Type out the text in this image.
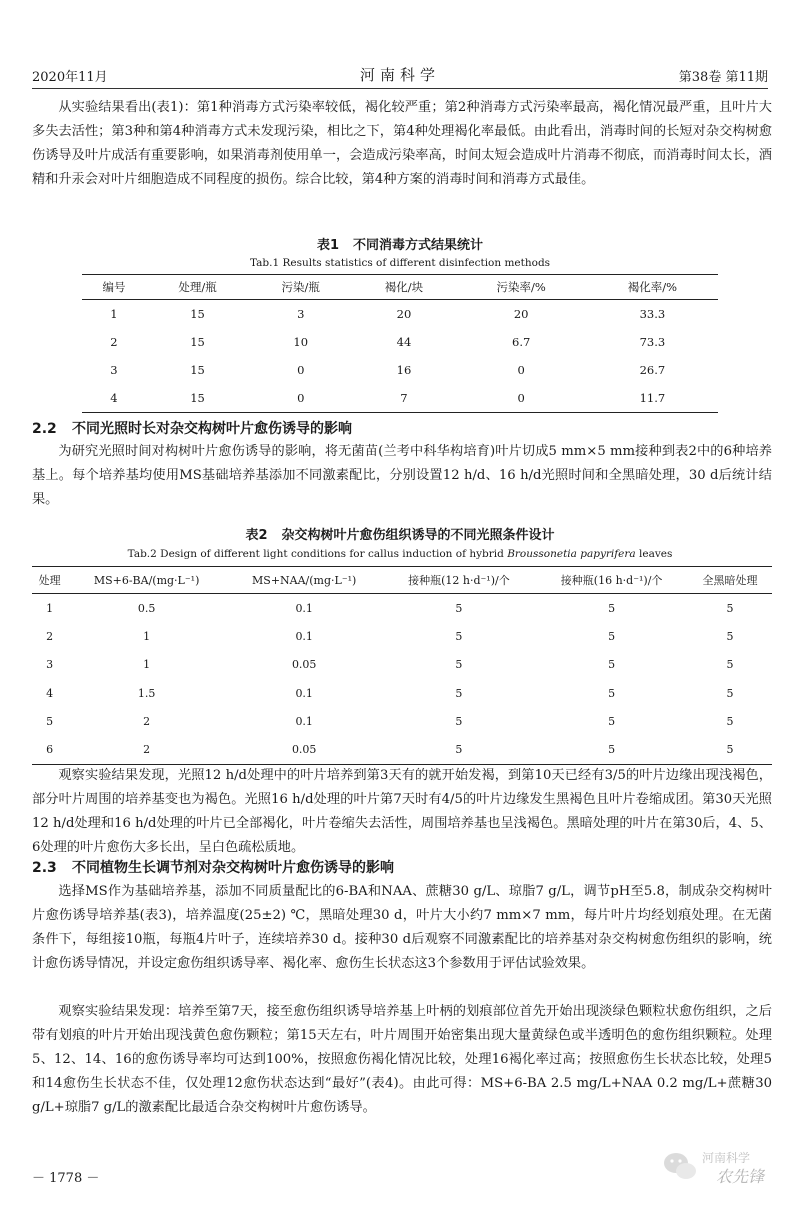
2020年11月	河南科学	第38卷 第11期

从实验结果看出(表1)：第1种消毒方式污染率较低，褐化较严重；第2种消毒方式污染率最高，褐化情况最严重，且叶片大多失去活性；第3种和第4种消毒方式未发现污染，相比之下，第4种处理褐化率最低。由此看出，消毒时间的长短对杂交构树愈伤诱导及叶片成活有重要影响，如果消毒剂使用单一，会造成污染率高，时间太短会造成叶片消毒不彻底，而消毒时间太长，酒精和升汞会对叶片细胞造成不同程度的损伤。综合比较，第4种方案的消毒时间和消毒方式最佳。

表1 不同消毒方式结果统计
Tab.1 Results statistics of different disinfection methods
编号	处理/瓶	污染/瓶	褐化/块	污染率/%	褐化率/%
1	15	3	20	20	33.3
2	15	10	44	6.7	73.3
3	15	0	16	0	26.7
4	15	0	7	0	11.7
2.2 不同光照时长对杂交构树叶片愈伤诱导的影响

为研究光照时间对构树叶片愈伤诱导的影响，将无菌苗(兰考中科华构培育)叶片切成5 mm×5 mm接种到表2中的6种培养基上。每个培养基均使用MS基础培养基添加不同激素配比，分别设置12 h/d、16 h/d光照时间和全黑暗处理，30 d后统计结果。

表2 杂交构树叶片愈伤组织诱导的不同光照条件设计
Tab.2 Design of different light conditions for callus induction of hybrid Broussonetia papyrifera leaves
处理	MS+6-BA/(mg·L⁻¹)	MS+NAA/(mg·L⁻¹)	接种瓶(12 h·d⁻¹)/个	接种瓶(16 h·d⁻¹)/个	全黑暗处理
1	0.5	0.1	5	5	5
2	1	0.1	5	5	5
3	1	0.05	5	5	5
4	1.5	0.1	5	5	5
5	2	0.1	5	5	5
6	2	0.05	5	5	5

观察实验结果发现，光照12 h/d处理中的叶片培养到第3天有的就开始发褐，到第10天已经有3/5的叶片边缘出现浅褐色，部分叶片周围的培养基变也为褐色。光照16 h/d处理的叶片第7天时有4/5的叶片边缘发生黑褐色且叶片卷缩成团。第30天光照12 h/d处理和16 h/d处理的叶片已全部褐化，叶片卷缩失去活性，周围培养基也呈浅褐色。黑暗处理的叶片在第30后，4、5、6处理的叶片愈伤大多长出，呈白色疏松质地。

2.3 不同植物生长调节剂对杂交构树叶片愈伤诱导的影响

选择MS作为基础培养基，添加不同质量配比的6-BA和NAA、蔗糖30 g/L、琼脂7 g/L，调节pH至5.8，制成杂交构树叶片愈伤诱导培养基(表3)，培养温度(25±2) ℃，黑暗处理30 d，叶片大小约7 mm×7 mm，每片叶片均经划痕处理。在无菌条件下，每组接10瓶，每瓶4片叶子，连续培养30 d。接种30 d后观察不同激素配比的培养基对杂交构树愈伤组织的影响，统计愈伤诱导情况，并设定愈伤组织诱导率、褐化率、愈伤生长状态这3个参数用于评估试验效果。

观察实验结果发现：培养至第7天，接至愈伤组织诱导培养基上叶柄的划痕部位首先开始出现淡绿色颗粒状愈伤组织，之后带有划痕的叶片开始出现浅黄色愈伤颗粒；第15天左右，叶片周围开始密集出现大量黄绿色或半透明色的愈伤组织颗粒。处理5、12、14、16的愈伤诱导率均可达到100%，按照愈伤褐化情况比较，处理16褐化率过高；按照愈伤生长状态比较，处理5和14愈伤生长状态不佳，仅处理12愈伤状态达到“最好”(表4)。由此可得：MS+6-BA 2.5 mg/L+NAA 0.2 mg/L+蔗糖30 g/L+琼脂7 g/L的激素配比最适合杂交构树叶片愈伤诱导。

－ 1778 －
河南科学
农先锋
